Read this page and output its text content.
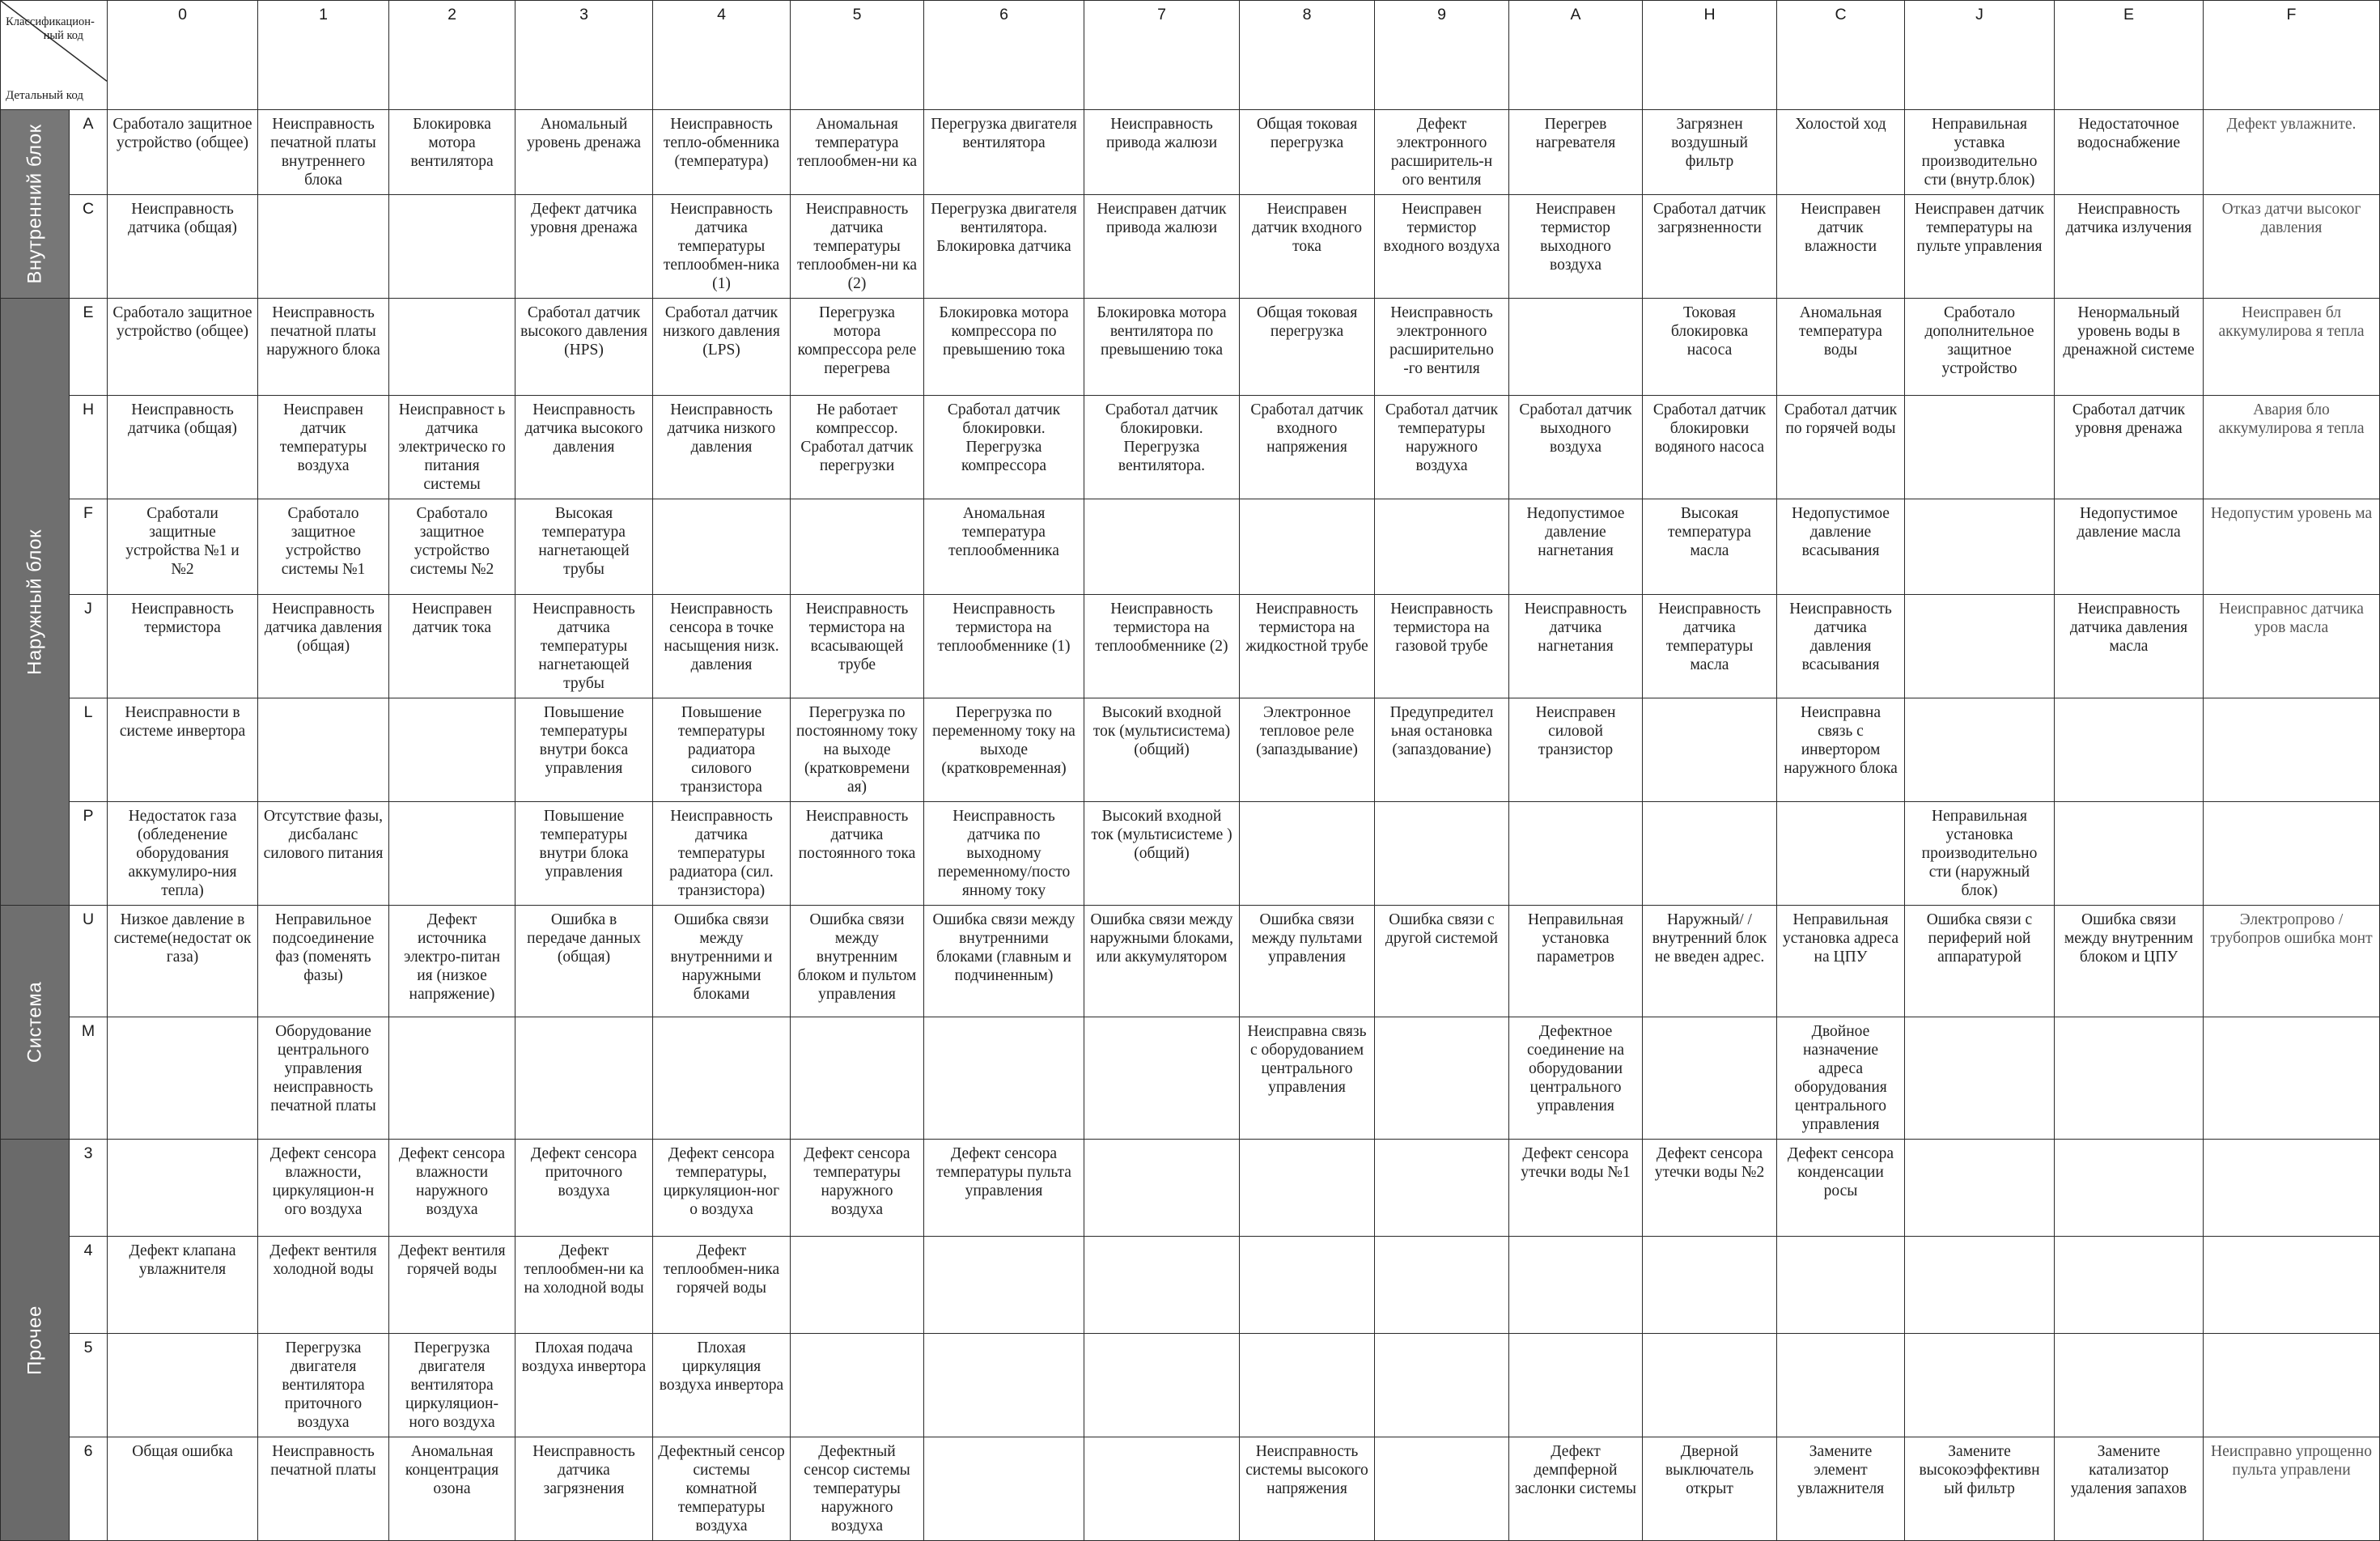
Классификацион-         ный код
Детальный код		0	1	2	3	4	5	6	7	8	9	A	H	C	J	E	F

Внутренний блок	A	Сработало защитное устройство (общее)	Неисправность печатной платы внутреннего блока	Блокировка мотора вентилятора	Аномальный уровень дренажа	Неисправность тепло-обменника (температура)	Аномальная температура теплообмен-ни ка	Перегрузка двигателя вентилятора	Неисправность привода жалюзи	Общая токовая перегрузка	Дефект электронного расширитель-н ого вентиля	Перегрев нагревателя	Загрязнен воздушный фильтр	Холостой ход	Неправильная уставка производительно сти (внутр.блок)	Недостаточное водоснабжение	Дефект увлажните.
	C	Неисправность датчика (общая)			Дефект датчика уровня дренажа	Неисправность датчика температуры теплообмен-ника (1)	Неисправность датчика температуры теплообмен-ни ка (2)	Перегрузка двигателя вентилятора. Блокировка датчика	Неисправен датчик привода жалюзи	Неисправен датчик входного тока	Неисправен термистор входного воздуха	Неисправен термистор выходного воздуха	Сработал датчик загрязненности	Неисправен датчик влажности	Неисправен датчик температуры на пульте управления	Неисправность датчика излучения	Отказ датчи высоког давления

Наружный блок	E	Сработало защитное устройство (общее)	Неисправность печатной платы наружного блока		Сработал датчик высокого давления (HPS)	Сработал датчик низкого давления (LPS)	Перегрузка мотора компрессора реле перегрева	Блокировка мотора компрессора по превышению тока	Блокировка мотора вентилятора по превышению тока	Общая токовая перегрузка	Неисправность электронного расширительно -го вентиля		Токовая блокировка насоса	Аномальная температура воды	Сработало дополнительное защитное устройство	Ненормальный уровень воды в дренажной системе	Неисправен бл аккумулирова я тепла
	H	Неисправность датчика (общая)	Неисправен датчик температуры воздуха	Неисправност ь датчика электрическо го питания системы	Неисправность датчика высокого давления	Неисправность датчика низкого давления	Не работает компрессор. Сработал датчик перегрузки	Сработал датчик блокировки. Перегрузка компрессора	Сработал датчик блокировки. Перегрузка вентилятора.	Сработал датчик входного напряжения	Сработал датчик температуры наружного воздуха	Сработал датчик выходного воздуха	Сработал датчик блокировки водяного насоса	Сработал датчик по горячей воды		Сработал датчик уровня дренажа	Авария бло аккумулирова я тепла
	F	Сработали защитные устройства №1 и №2	Сработало защитное устройство системы №1	Сработало защитное устройство системы №2	Высокая температура нагнетающей трубы			Аномальная температура теплообменника				Недопустимое давление нагнетания	Высокая температура масла	Недопустимое давление всасывания		Недопустимое давление масла	Недопустим уровень ма
	J	Неисправность термистора	Неисправность датчика давления (общая)	Неисправен датчик тока	Неисправность датчика температуры нагнетающей трубы	Неисправность сенсора в точке насыщения низк. давления	Неисправность термистора на всасывающей трубе	Неисправность термистора на теплообменнике (1)	Неисправность термистора на теплообменнике (2)	Неисправность термистора на жидкостной трубе	Неисправность термистора на газовой трубе	Неисправность датчика нагнетания	Неисправность датчика температуры масла	Неисправность датчика давления всасывания		Неисправность датчика давления масла	Неисправнос датчика уров масла
	L	Неисправности в системе инвертора			Повышение температуры внутри бокса управления	Повышение температуры радиатора силового транзистора	Перегрузка по постоянному току на выходе (кратковремени ая)	Перегрузка по переменному току на выходе (кратковременная)	Высокий входной ток (мультисистема) (общий)	Электронное тепловое реле (запаздывание)	Предупредител ьная остановка (запаздование)	Неисправен силовой транзистор		Неисправна связь с инвертором наружного блока			
	P	Недостаток газа (обледенение оборудования аккумулиро-ния тепла)	Отсутствие фазы, дисбаланс силового питания		Повышение температуры внутри блока управления	Неисправность датчика температуры радиатора (сил. транзистора)	Неисправность датчика постоянного тока	Неисправность датчика по выходному переменному/посто янному току	Высокий входной ток (мультисистеме ) (общий)						Неправильная установка производительно сти (наружный блок)		

Система	U	Низкое давление в системе(недостат ок газа)	Неправильное подсоединение фаз (поменять фазы)	Дефект источника электро-питан ия (низкое напряжение)	Ошибка в передаче данных (общая)	Ошибка связи между внутренними и наружными блоками	Ошибка связи между внутренним блоком и пультом управления	Ошибка связи между внутренними блоками (главным и подчиненным)	Ошибка связи между наружными блоками, или аккумулятором	Ошибка связи между пультами управления	Ошибка связи с другой системой	Неправильная установка параметров	Наружный/ /внутренний блок не введен адрес.	Неправильная установка адреса на ЦПУ	Ошибка связи с периферий ной аппаратурой	Ошибка связи между внутренним блоком и ЦПУ	Электропрово / трубопров ошибка монт
	M		Оборудование центрального управления неисправность печатной платы							Неисправна связь с оборудованием центрального управления		Дефектное соединение на оборудовании центрального управления		Двойное назначение адреса оборудования центрального управления			

Прочее	3		Дефект сенсора влажности, циркуляцион-н ого воздуха	Дефект сенсора влажности наружного воздуха	Дефект сенсора приточного воздуха	Дефект сенсора температуры, циркуляцион-ног о воздуха	Дефект сенсора температуры наружного воздуха	Дефект сенсора температуры пульта управления				Дефект сенсора утечки воды №1	Дефект сенсора утечки воды №2	Дефект сенсора конденсации росы			
	4	Дефект клапана увлажнителя	Дефект вентиля холодной воды	Дефект вентиля горячей воды	Дефект теплообмен-ни ка на холодной воды	Дефект теплообмен-ника горячей воды											
	5		Перегрузка двигателя вентилятора приточного воздуха	Перегрузка двигателя вентилятора циркуляцион-ного воздуха	Плохая подача воздуха инвертора	Плохая циркуляция воздуха инвертора											
	6	Общая ошибка	Неисправность печатной платы	Аномальная концентрация озона	Неисправность датчика загрязнения	Дефектный сенсор системы комнатной температуры воздуха	Дефектный сенсор системы температуры наружного воздуха			Неисправность системы высокого напряжения		Дефект демпферной заслонки системы	Дверной выключатель открыт	Замените элемент увлажнителя	Замените высокоэффективн ый фильтр	Замените катализатор удаления запахов	Неисправно упрощенно пульта управлени
